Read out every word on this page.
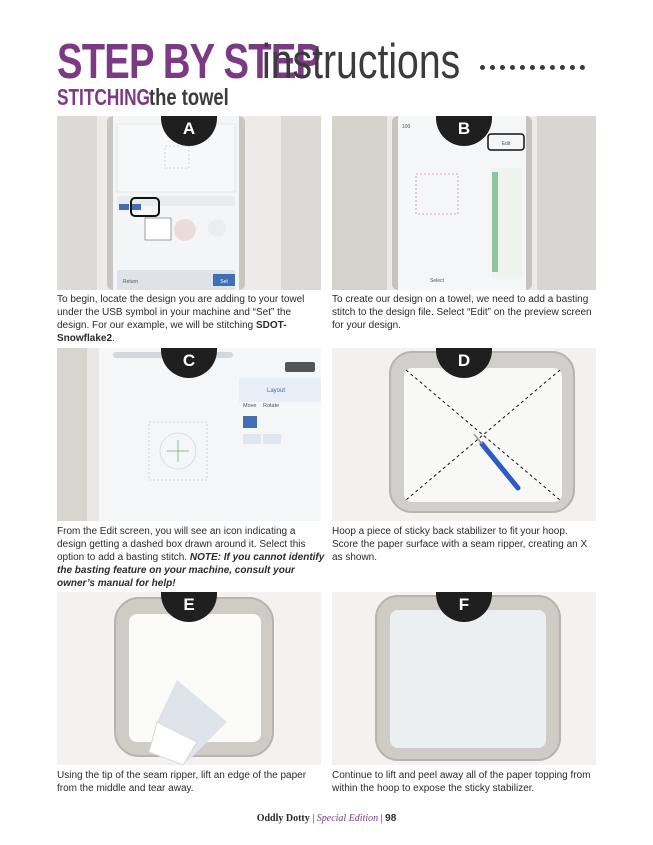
STEP BY STEP
instructions
STITCHING the towel
Set
Return
A	100
Edit
Select
B

To begin, locate the design you are adding to your towel under the USB symbol in your machine and “Set” the design. For our example, we will be stitching SDOT-Snowflake2.

To create our design on a towel, we need to add a basting stitch to the design file. Select “Edit” on the preview screen for your design.

Layout
Move Rotate
C	D

From the Edit screen, you will see an icon indicating a design getting a dashed box drawn around it. Select this option to add a basting stitch. NOTE: If you cannot identify the basting feature on your machine, consult your owner’s manual for help!

Hoop a piece of sticky back stabilizer to fit your hoop. Score the paper surface with a seam ripper, creating an X as shown.

E	F

Using the tip of the seam ripper, lift an edge of the paper from the middle and tear away.

Continue to lift and peel away all of the paper topping from within the hoop to expose the sticky stabilizer.

Oddly Dotty | Special Edition | 98
